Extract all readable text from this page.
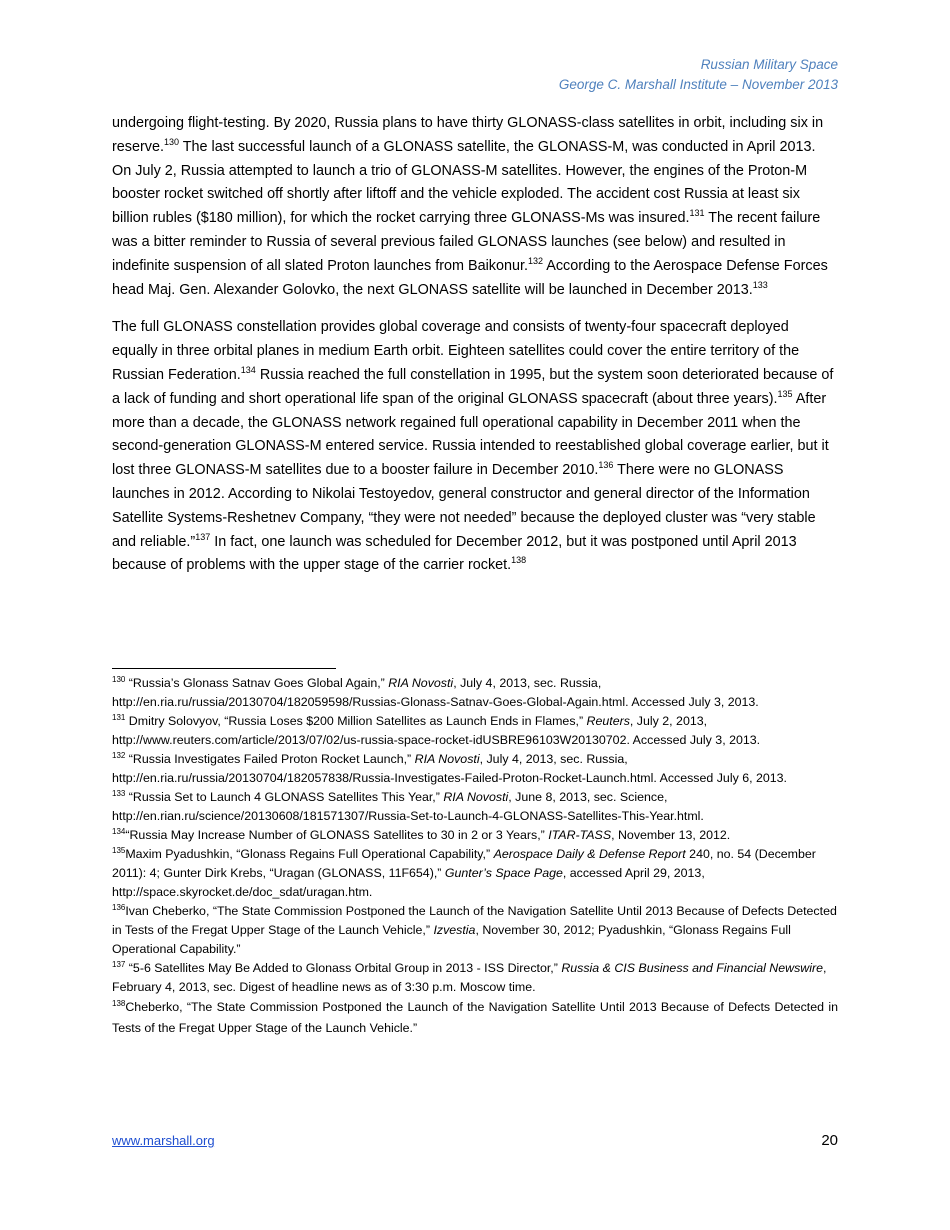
Russian Military Space
George C. Marshall Institute – November 2013

undergoing flight-testing. By 2020, Russia plans to have thirty GLONASS-class satellites in orbit, including six in reserve.$^{130}$ The last successful launch of a GLONASS satellite, the GLONASS-M, was conducted in April 2013. On July 2, Russia attempted to launch a trio of GLONASS-M satellites. However, the engines of the Proton-M booster rocket switched off shortly after liftoff and the vehicle exploded. The accident cost Russia at least six billion rubles ($180 million), for which the rocket carrying three GLONASS-Ms was insured.$^{131}$ The recent failure was a bitter reminder to Russia of several previous failed GLONASS launches (see below) and resulted in indefinite suspension of all slated Proton launches from Baikonur.$^{132}$ According to the Aerospace Defense Forces head Maj. Gen. Alexander Golovko, the next GLONASS satellite will be launched in December 2013.$^{133}$

The full GLONASS constellation provides global coverage and consists of twenty-four spacecraft deployed equally in three orbital planes in medium Earth orbit. Eighteen satellites could cover the entire territory of the Russian Federation.$^{134}$ Russia reached the full constellation in 1995, but the system soon deteriorated because of a lack of funding and short operational life span of the original GLONASS spacecraft (about three years).$^{135}$ After more than a decade, the GLONASS network regained full operational capability in December 2011 when the second-generation GLONASS-M entered service. Russia intended to reestablished global coverage earlier, but it lost three GLONASS-M satellites due to a booster failure in December 2010.$^{136}$ There were no GLONASS launches in 2012. According to Nikolai Testoyedov, general constructor and general director of the Information Satellite Systems-Reshetnev Company, “they were not needed” because the deployed cluster was “very stable and reliable.”$^{137}$ In fact, one launch was scheduled for December 2012, but it was postponed until April 2013 because of problems with the upper stage of the carrier rocket.$^{138}$

$^{130}$ “Russia’s Glonass Satnav Goes Global Again,” RIA Novosti, July 4, 2013, sec. Russia, http://en.ria.ru/russia/20130704/182059598/Russias-Glonass-Satnav-Goes-Global-Again.html. Accessed July 3, 2013.

$^{131}$ Dmitry Solovyov, “Russia Loses $200 Million Satellites as Launch Ends in Flames,” Reuters, July 2, 2013, http://www.reuters.com/article/2013/07/02/us-russia-space-rocket-idUSBRE96103W20130702. Accessed July 3, 2013.

$^{132}$ “Russia Investigates Failed Proton Rocket Launch,” RIA Novosti, July 4, 2013, sec. Russia, http://en.ria.ru/russia/20130704/182057838/Russia-Investigates-Failed-Proton-Rocket-Launch.html. Accessed July 6, 2013.

$^{133}$ “Russia Set to Launch 4 GLONASS Satellites This Year,” RIA Novosti, June 8, 2013, sec. Science, http://en.rian.ru/science/20130608/181571307/Russia-Set-to-Launch-4-GLONASS-Satellites-This-Year.html.

$^{134}$“Russia May Increase Number of GLONASS Satellites to 30 in 2 or 3 Years,” ITAR-TASS, November 13, 2012.

$^{135}$Maxim Pyadushkin, “Glonass Regains Full Operational Capability,” Aerospace Daily & Defense Report 240, no. 54 (December 2011): 4; Gunter Dirk Krebs, “Uragan (GLONASS, 11F654),” Gunter’s Space Page, accessed April 29, 2013, http://space.skyrocket.de/doc_sdat/uragan.htm.

$^{136}$Ivan Cheberko, “The State Commission Postponed the Launch of the Navigation Satellite Until 2013 Because of Defects Detected in Tests of the Fregat Upper Stage of the Launch Vehicle,” Izvestia, November 30, 2012; Pyadushkin, “Glonass Regains Full Operational Capability.”

$^{137}$ “5-6 Satellites May Be Added to Glonass Orbital Group in 2013 - ISS Director,” Russia & CIS Business and Financial Newswire, February 4, 2013, sec. Digest of headline news as of 3:30 p.m. Moscow time.

$^{138}$Cheberko, “The State Commission Postponed the Launch of the Navigation Satellite Until 2013 Because of Defects Detected in Tests of the Fregat Upper Stage of the Launch Vehicle.”

www.marshall.org	20
